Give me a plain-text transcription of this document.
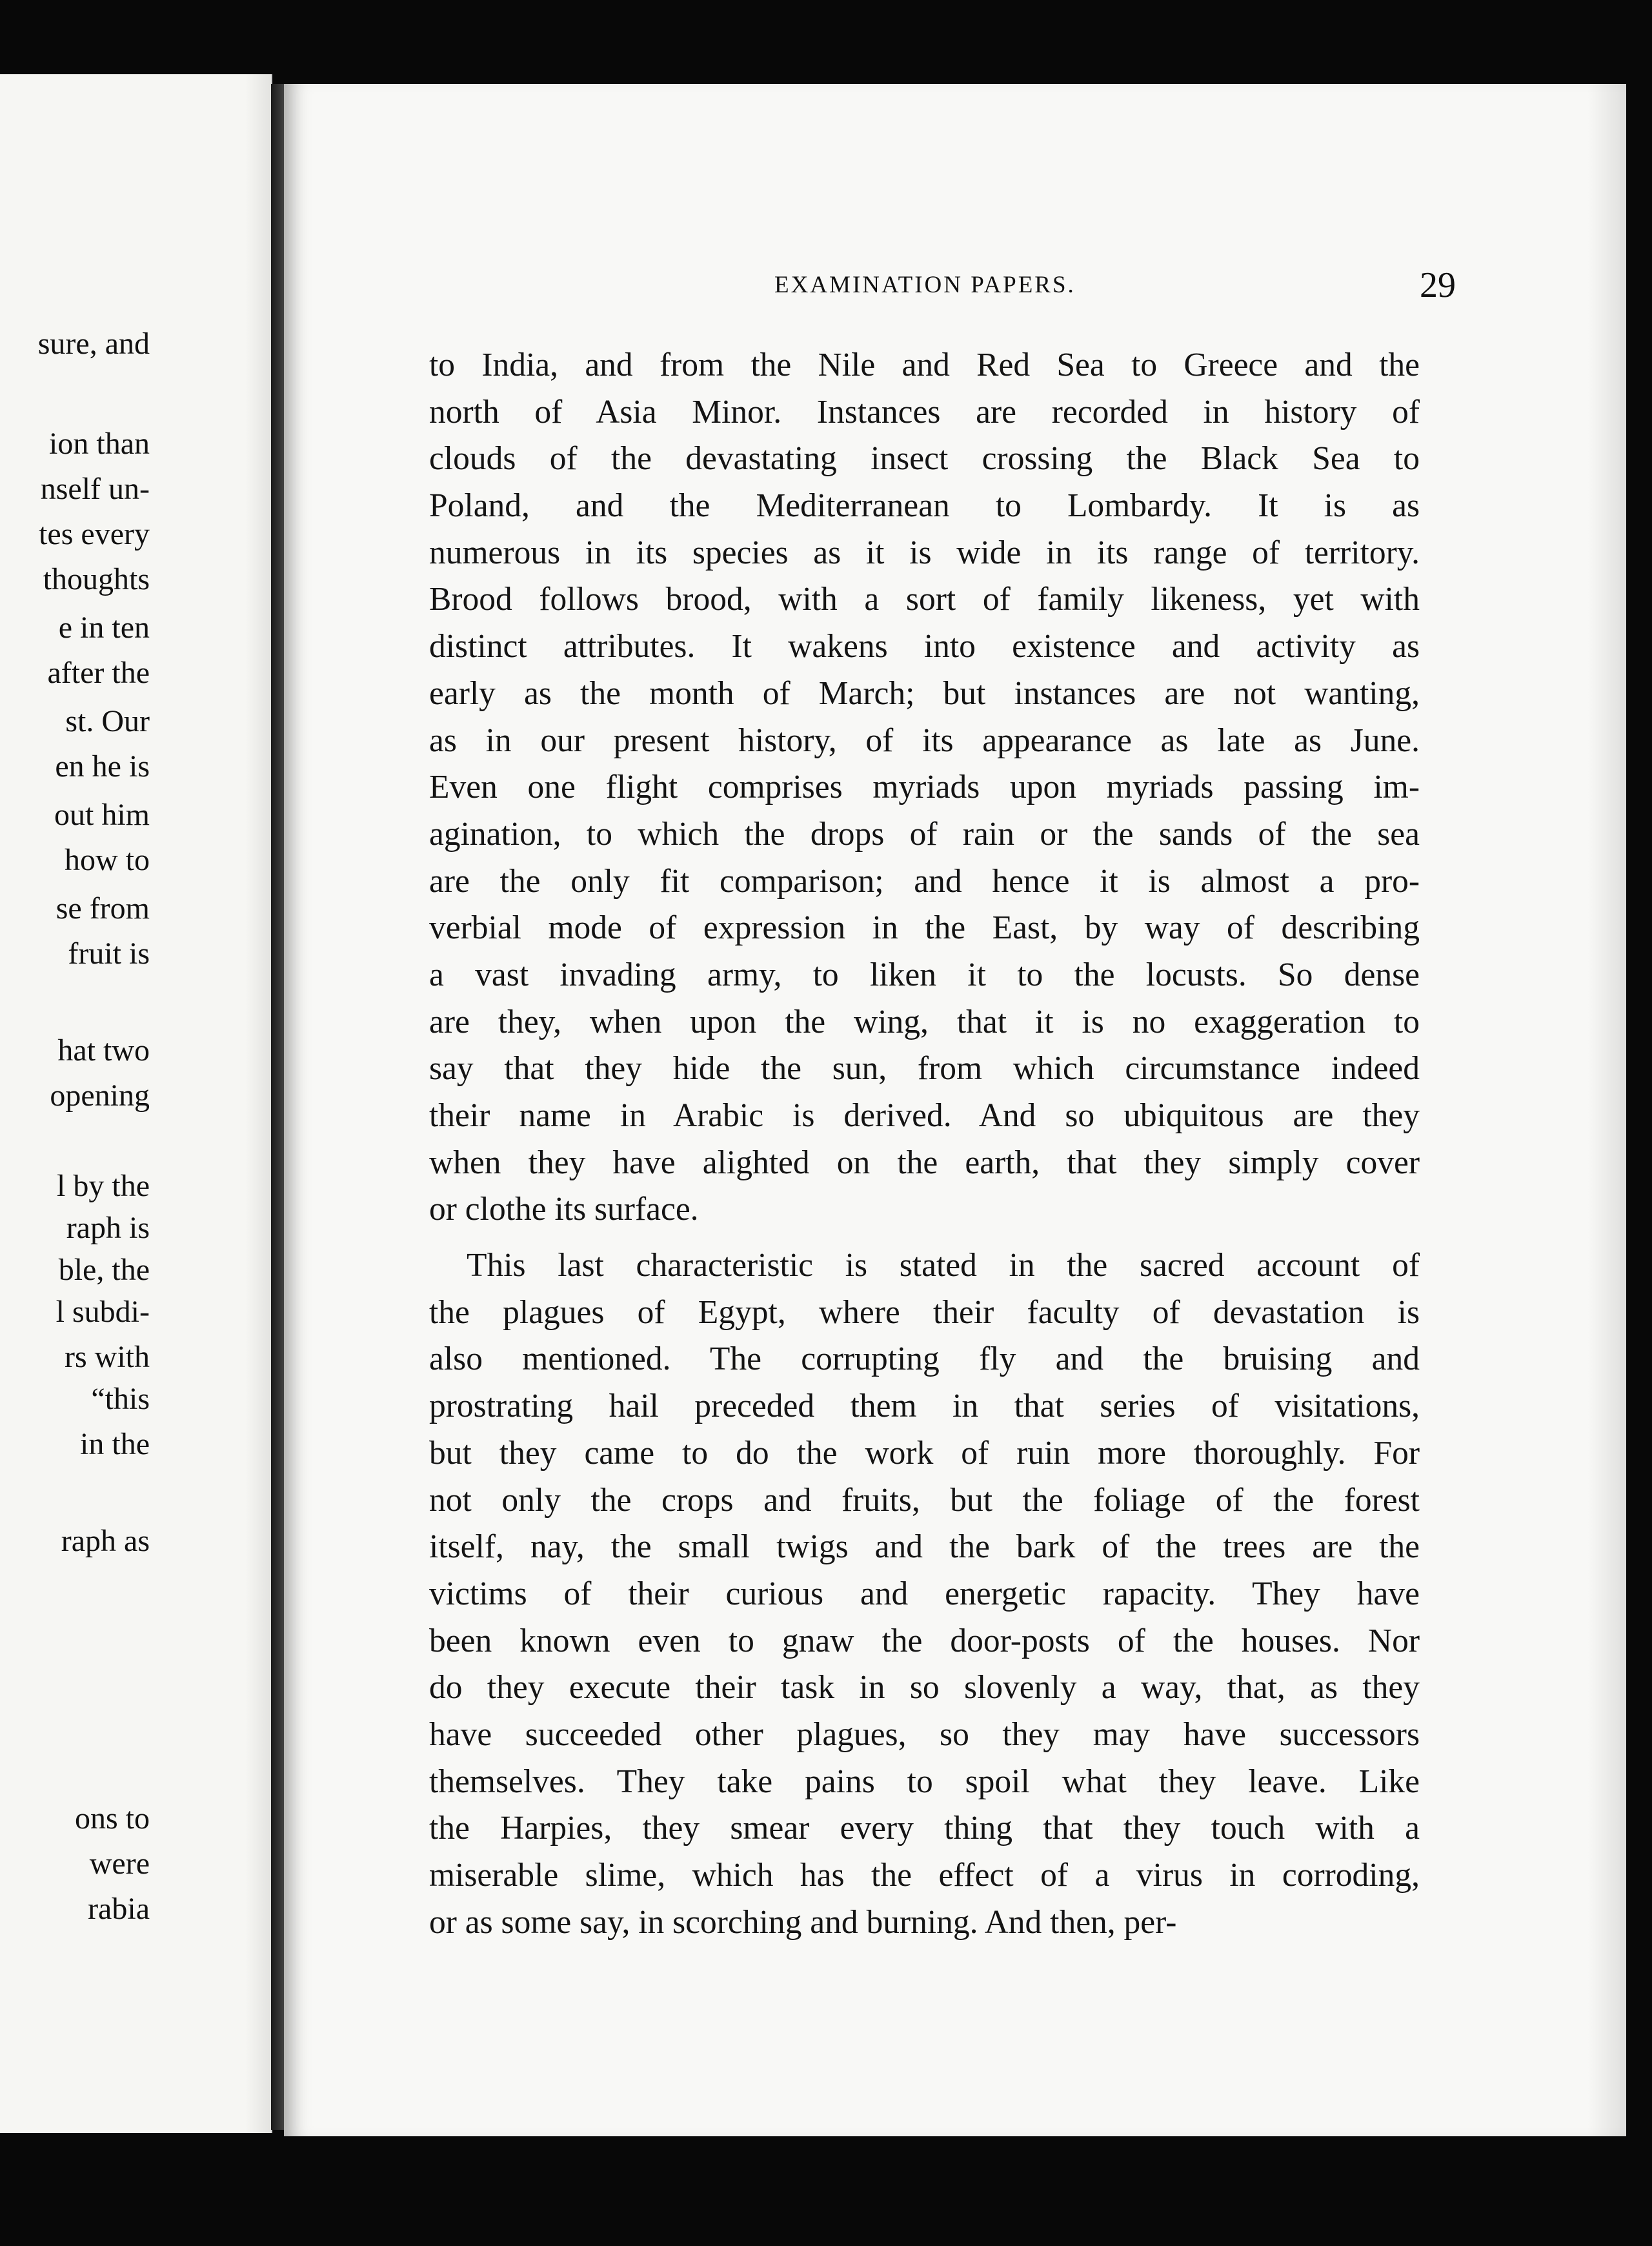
sure, and
ion than
nself un-
tes every
thoughts
e in ten
after the
st. Our
en he is
out him
how to
se from
fruit is
hat two
opening
l by the
raph is
ble, the
l subdi-
rs with
“this
in the
raph as
ons to
were
rabia
EXAMINATION PAPERS.	29
to India, and from the Nile and Red Sea to Greece and the
north of Asia Minor. Instances are recorded in history of
clouds of the devastating insect crossing the Black Sea to
Poland, and the Mediterranean to Lombardy. It is as
numerous in its species as it is wide in its range of territory.
Brood follows brood, with a sort of family likeness, yet with
distinct attributes. It wakens into existence and activity as
early as the month of March; but instances are not wanting,
as in our present history, of its appearance as late as June.
Even one flight comprises myriads upon myriads passing im-
agination, to which the drops of rain or the sands of the sea
are the only fit comparison; and hence it is almost a pro-
verbial mode of expression in the East, by way of describing
a vast invading army, to liken it to the locusts. So dense
are they, when upon the wing, that it is no exaggeration to
say that they hide the sun, from which circumstance indeed
their name in Arabic is derived. And so ubiquitous are they
when they have alighted on the earth, that they simply cover
or clothe its surface.
This last characteristic is stated in the sacred account of
the plagues of Egypt, where their faculty of devastation is
also mentioned. The corrupting fly and the bruising and
prostrating hail preceded them in that series of visitations,
but they came to do the work of ruin more thoroughly. For
not only the crops and fruits, but the foliage of the forest
itself, nay, the small twigs and the bark of the trees are the
victims of their curious and energetic rapacity. They have
been known even to gnaw the door-posts of the houses. Nor
do they execute their task in so slovenly a way, that, as they
have succeeded other plagues, so they may have successors
themselves. They take pains to spoil what they leave. Like
the Harpies, they smear every thing that they touch with a
miserable slime, which has the effect of a virus in corroding,
or as some say, in scorching and burning. And then, per-
